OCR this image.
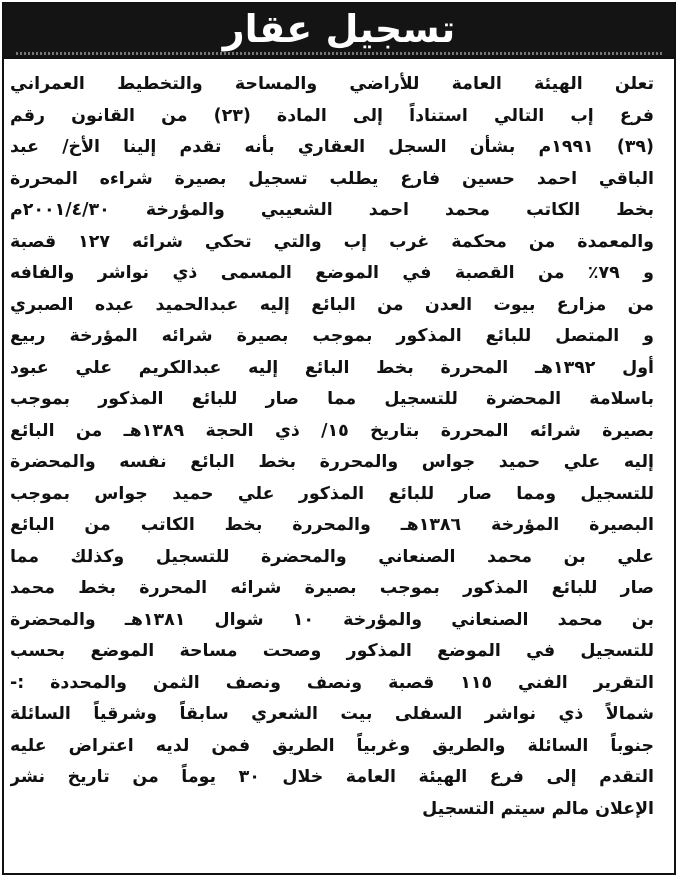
تسجيل عقار
تعلن الهيئة العامة للأراضي والمساحة والتخطيط العمراني
فرع إب التالي استناداً إلى المادة (٢٣) من القانون رقم
(٣٩) ١٩٩١م بشأن السجل العقاري بأنه تقدم إلينا الأخ/ عبد
الباقي احمد حسين فارع يطلب تسجيل بصيرة شراءه المحررة
بخط الكاتب محمد احمد الشعيبي والمؤرخة ٢٠٠١/٤/٣٠م
والمعمدة من محكمة غرب إب والتي تحكي شرائه ١٢٧ قصبة
و ٧٩٪ من القصبة في الموضع المسمى ذي نواشر والفافه
من مزارع بيوت العدن من البائع إليه عبدالحميد عبده الصبري
و المتصل للبائع المذكور بموجب بصيرة شرائه المؤرخة ربيع
أول ١٣٩٢هـ المحررة بخط البائع إليه عبدالكريم علي عبود
باسلامة المحضرة للتسجيل مما صار للبائع المذكور بموجب
بصيرة شرائه المحررة بتاريخ ١٥/ ذي الحجة ١٣٨٩هـ من البائع
إليه علي حميد جواس والمحررة بخط البائع نفسه والمحضرة
للتسجيل ومما صار للبائع المذكور علي حميد جواس بموجب
البصيرة المؤرخة ١٣٨٦هـ والمحررة بخط الكاتب من البائع
علي بن محمد الصنعاني والمحضرة للتسجيل وكذلك مما
صار للبائع المذكور بموجب بصيرة شرائه المحررة بخط محمد
بن محمد الصنعاني والمؤرخة ١٠ شوال ١٣٨١هـ والمحضرة
للتسجيل في الموضع المذكور وصحت مساحة الموضع بحسب
التقرير الفني ١١٥ قصبة ونصف ونصف الثمن والمحددة :-
شمالاً ذي نواشر السفلى بيت الشعري سابقاً وشرقياً السائلة
جنوباً السائلة والطريق وغربياً الطريق فمن لديه اعتراض عليه
التقدم إلى فرع الهيئة العامة خلال ٣٠ يوماً من تاريخ نشر
الإعلان مالم سيتم التسجيل
